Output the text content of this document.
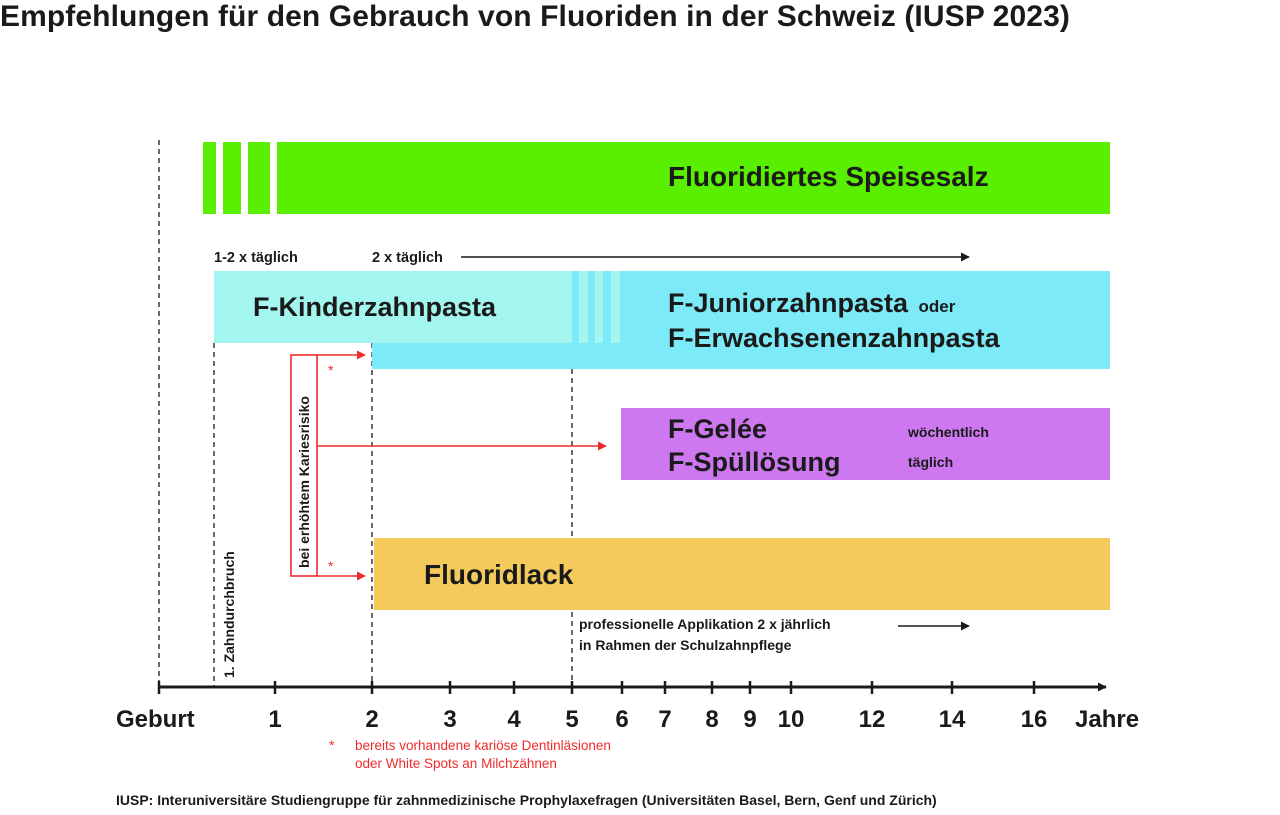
Empfehlungen für den Gebrauch von Fluoriden in der Schweiz (IUSP 2023)
Fluoridiertes Speisesalz
1-2 x täglich	2 x täglich
F-Kinderzahnpasta	F-Juniorzahnpasta oder
F-Erwachsenenzahnpasta
F-Gelée	wöchentlich
F-Spüllösung	täglich
Fluoridlack
professionelle Applikation 2 x jährlich
in Rahmen der Schulzahnpflege
1. Zahndurchbruch
bei erhöhtem Kariesrisiko
*
*
Geburt	1	2	3 4 5 6 7 8 9 10 12 14 16 Jahre
* bereits vorhandene kariöse Dentinläsionen
oder White Spots an Milchzähnen
IUSP: Interuniversitäre Studiengruppe für zahnmedizinische Prophylaxefragen (Universitäten Basel, Bern, Genf und Zürich)
